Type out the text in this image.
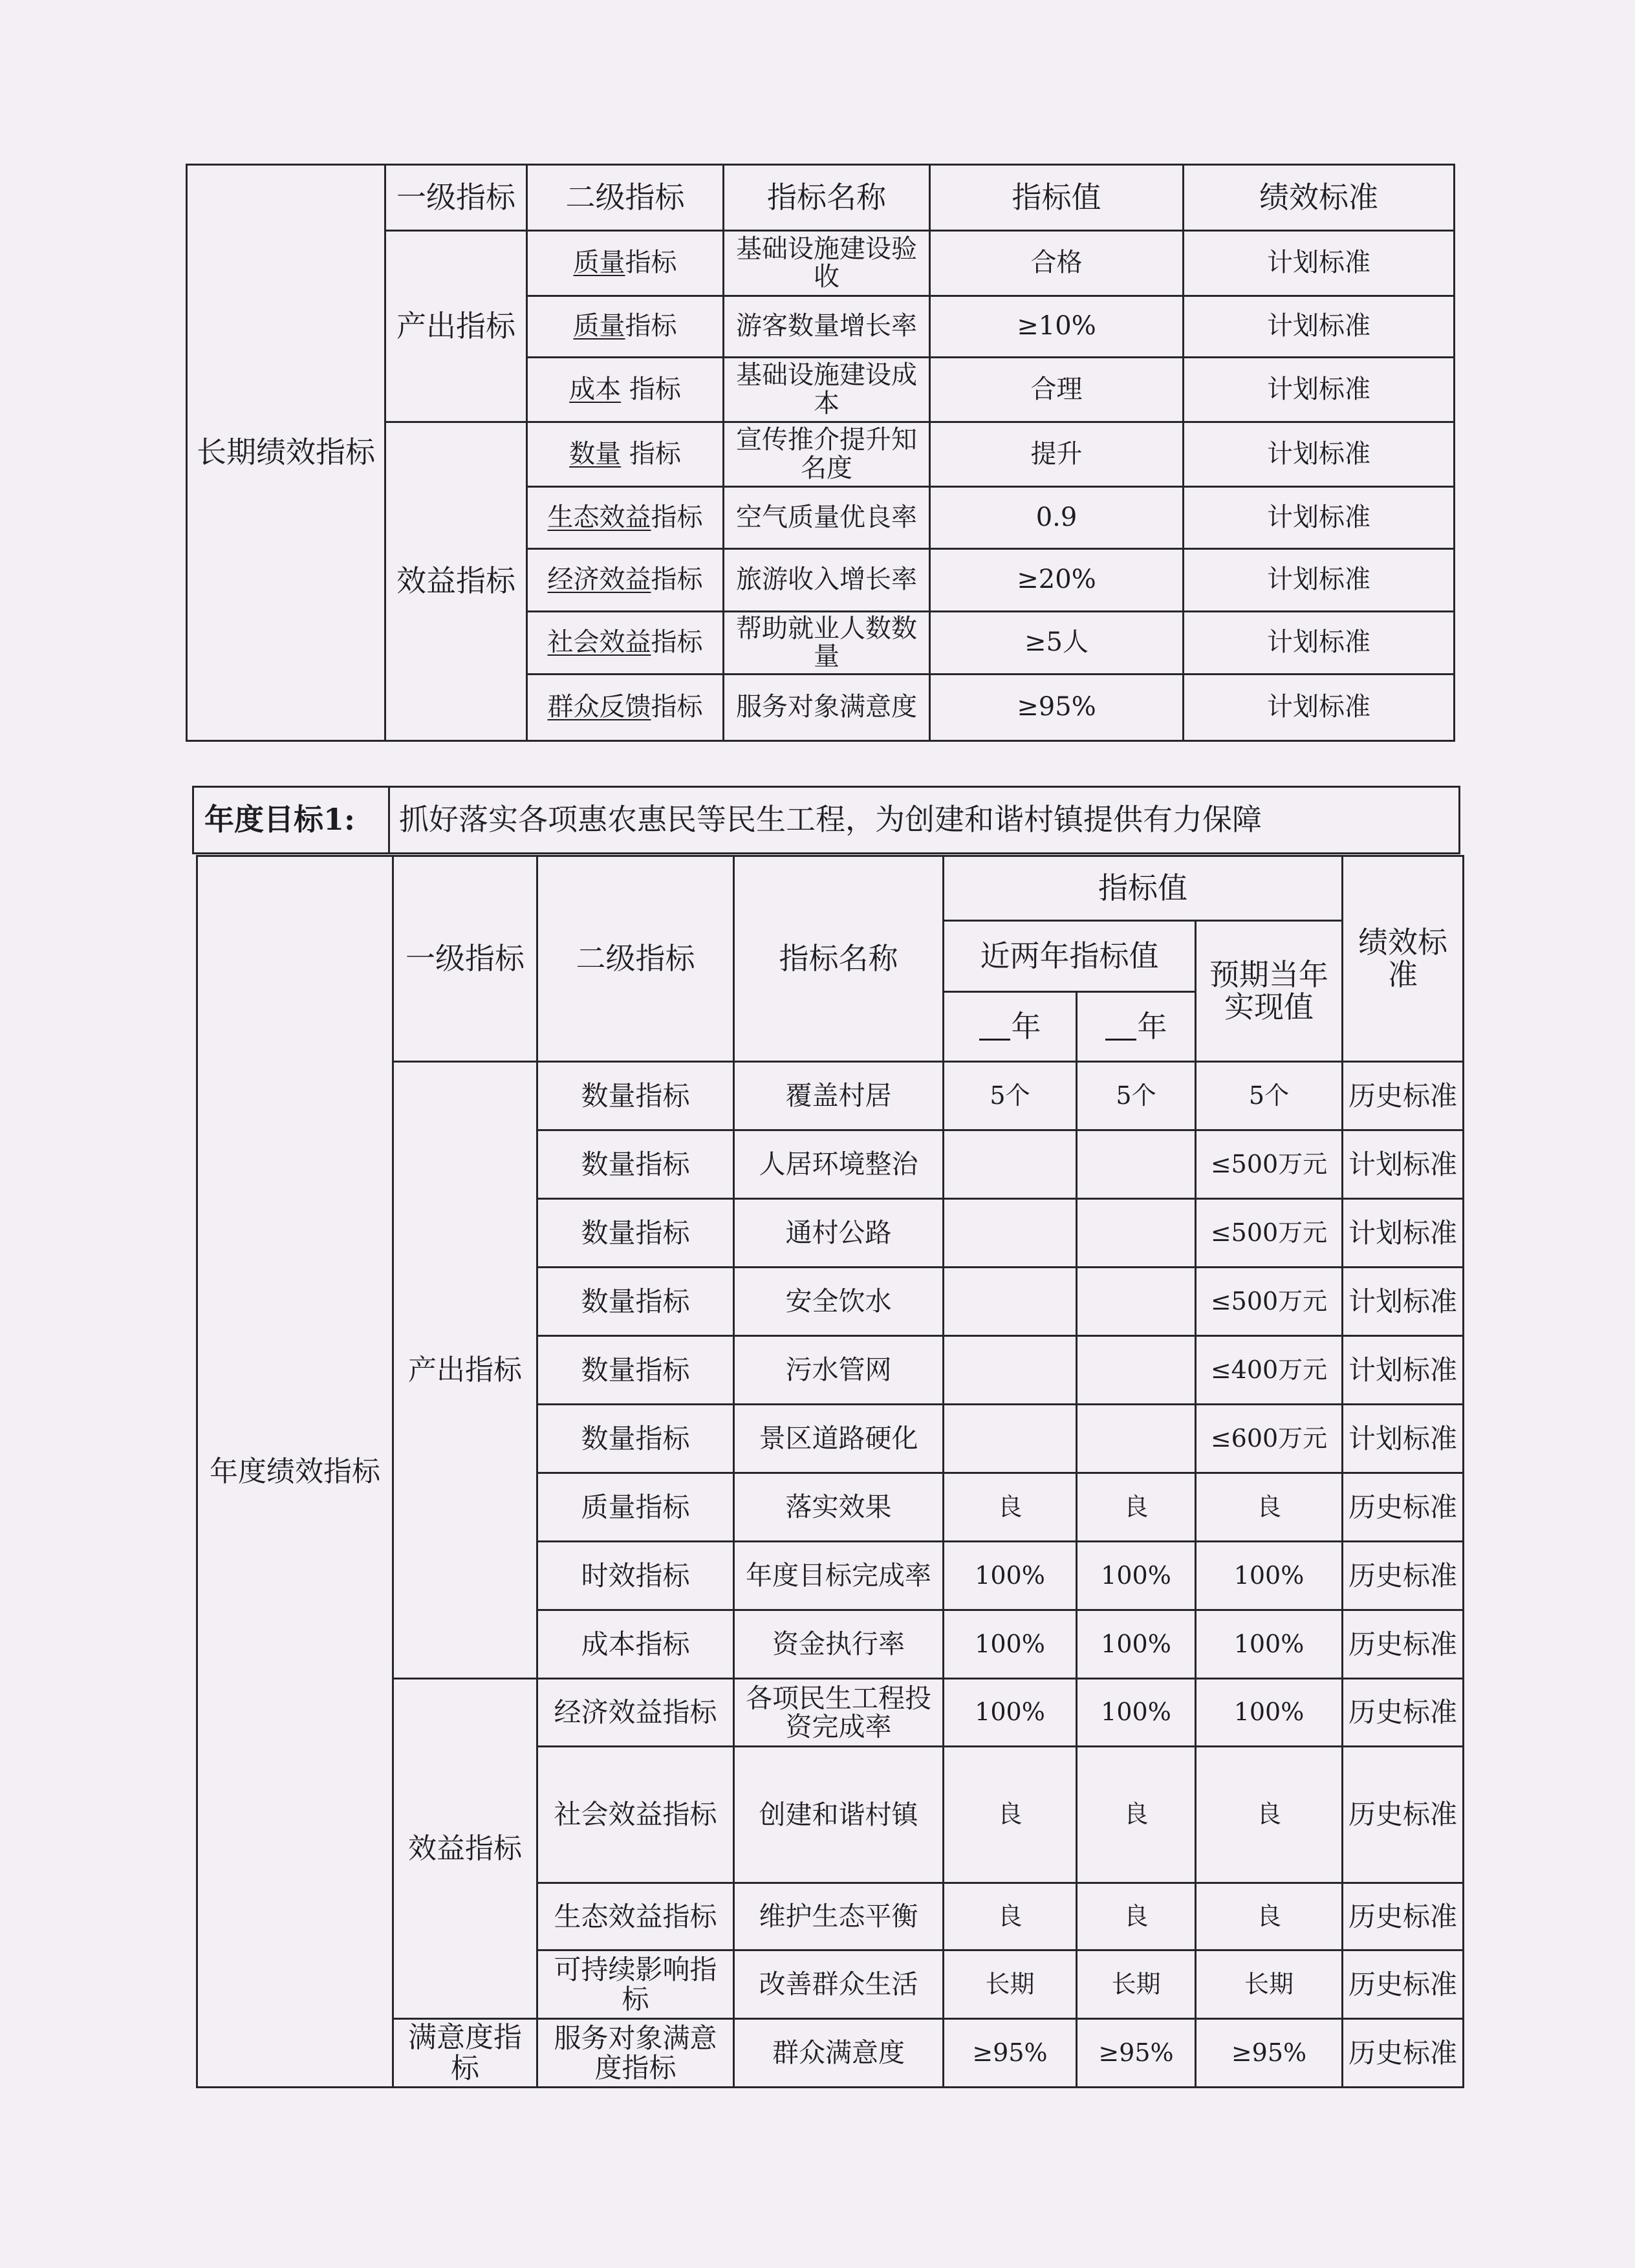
长期绩效指标	一级指标	二级指标	指标名称	指标值	绩效标准
	产出指标	质量指标	基础设施建设验收	合格	计划标准
		质量指标	游客数量增长率	≥10%	计划标准
		成本 指标	基础设施建设成本	合理	计划标准
	效益指标	数量 指标	宣传推介提升知名度	提升	计划标准
		生态效益指标	空气质量优良率	0.9	计划标准
		经济效益指标	旅游收入增长率	≥20%	计划标准
		社会效益指标	帮助就业人数数量	≥5人	计划标准
		群众反馈指标	服务对象满意度	≥95%	计划标准
年度目标1:	抓好落实各项惠农惠民等民生工程，为创建和谐村镇提供有力保障
年度绩效指标	一级指标	二级指标	指标名称	指标值			绩效标准
				近两年指标值		预期当年实现值	
				年	年		
	产出指标	数量指标	覆盖村居	5个	5个	5个	历史标准
		数量指标	人居环境整治			≤500万元	计划标准
		数量指标	通村公路			≤500万元	计划标准
		数量指标	安全饮水			≤500万元	计划标准
		数量指标	污水管网			≤400万元	计划标准
		数量指标	景区道路硬化			≤600万元	计划标准
		质量指标	落实效果	良	良	良	历史标准
		时效指标	年度目标完成率	100%	100%	100%	历史标准
		成本指标	资金执行率	100%	100%	100%	历史标准
	效益指标	经济效益指标	各项民生工程投资完成率	100%	100%	100%	历史标准
		社会效益指标	创建和谐村镇	良	良	良	历史标准
		生态效益指标	维护生态平衡	良	良	良	历史标准
		可持续影响指标	改善群众生活	长期	长期	长期	历史标准
	满意度指标	服务对象满意度指标	群众满意度	≥95%	≥95%	≥95%	历史标准
